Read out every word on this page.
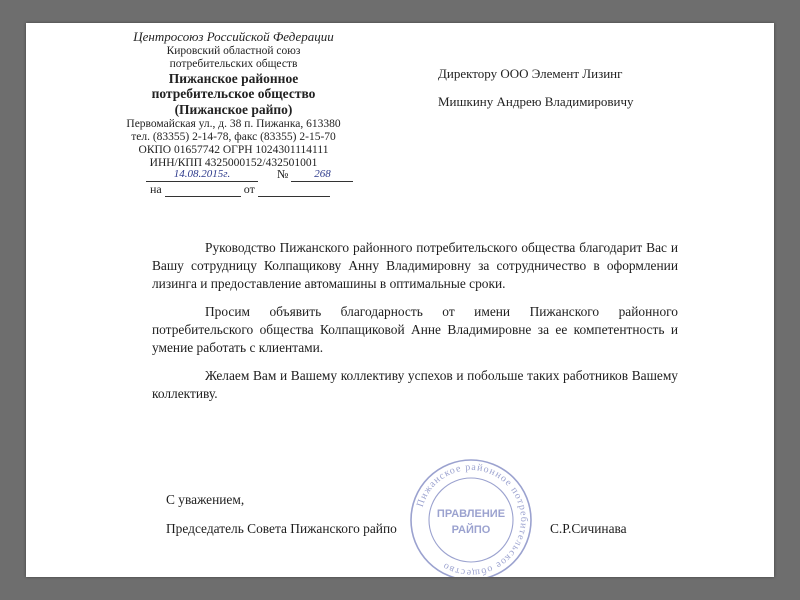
Центросоюз Российской Федерации
Кировский областной союз
потребительских обществ
Пижанское районное
потребительское общество
(Пижанское райпо)
Первомайская ул., д. 38 п. Пижанка, 613380
тел. (83355) 2-14-78, факс (83355) 2-15-70
ОКПО 01657742 ОГРН 1024301114111
ИНН/КПП 4325000152/432501001
14.08.2015г.	№ 268
на	от
Директору ООО Элемент Лизинг
Мишкину Андрею Владимировичу

Руководство Пижанского районного потребительского общества благодарит Вас и Вашу сотрудницу Колпащикову Анну Владимировну за сотрудничество в оформлении лизинга и предоставление автомашины в оптимальные сроки.

Просим объявить благодарность от имени Пижанского районного потребительского общества Колпащиковой Анне Владимировне за ее компетентность и умение работать с клиентами.

Желаем Вам и Вашему коллективу успехов и побольше таких работников Вашему коллективу.

С уважением,
Председатель Совета Пижанского райпо	С.Р.Сичинава
Пижанское районное потребительское общество
ПРАВЛЕНИЕ
РАЙПО
